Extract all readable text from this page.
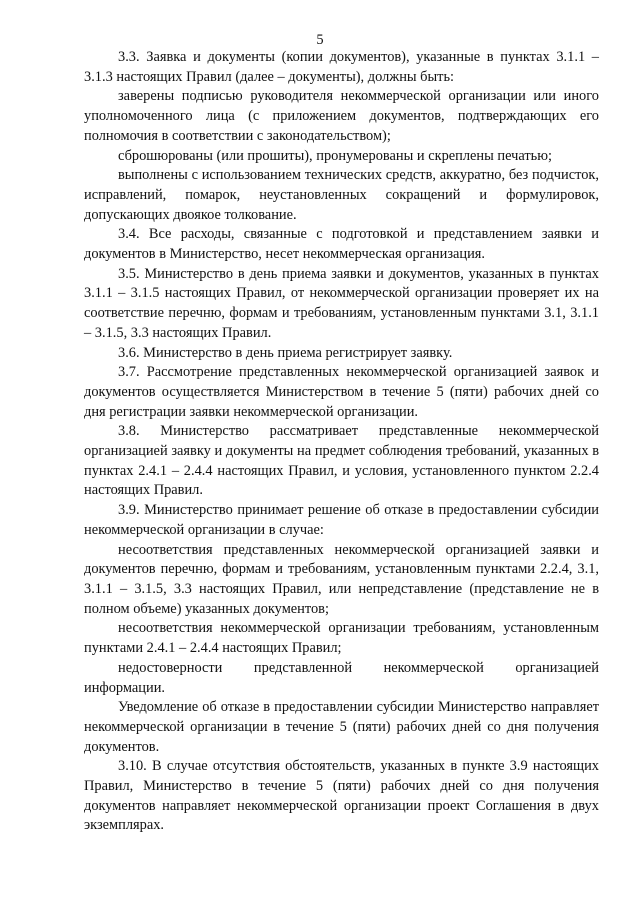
5

3.3. Заявка и документы (копии документов), указанные в пунктах 3.1.1 – 3.1.3 настоящих Правил (далее – документы), должны быть:

заверены подписью руководителя некоммерческой организации или иного уполномоченного лица (с приложением документов, подтверждающих его полномочия в соответствии с законодательством);

сброшюрованы (или прошиты), пронумерованы и скреплены печатью;

выполнены с использованием технических средств, аккуратно, без подчисток, исправлений, помарок, неустановленных сокращений и формулировок, допускающих двоякое толкование.

3.4. Все расходы, связанные с подготовкой и представлением заявки и документов в Министерство, несет некоммерческая организация.

3.5. Министерство в день приема заявки и документов, указанных в пунктах 3.1.1 – 3.1.5 настоящих Правил, от некоммерческой организации проверяет их на соответствие перечню, формам и требованиям, установленным пунктами 3.1, 3.1.1 – 3.1.5, 3.3 настоящих Правил.

3.6. Министерство в день приема регистрирует заявку.

3.7. Рассмотрение представленных некоммерческой организацией заявок и документов осуществляется Министерством в течение 5 (пяти) рабочих дней со дня регистрации заявки некоммерческой организации.

3.8. Министерство рассматривает представленные некоммерческой организацией заявку и документы на предмет соблюдения требований, указанных в пунктах 2.4.1 – 2.4.4 настоящих Правил, и условия, установленного пунктом 2.2.4 настоящих Правил.

3.9. Министерство принимает решение об отказе в предоставлении субсидии некоммерческой организации в случае:

несоответствия представленных некоммерческой организацией заявки и документов перечню, формам и требованиям, установленным пунктами 2.2.4, 3.1, 3.1.1 – 3.1.5, 3.3 настоящих Правил, или непредставление (представление не в полном объеме) указанных документов;

несоответствия некоммерческой организации требованиям, установленным пунктами 2.4.1 – 2.4.4 настоящих Правил;

недостоверности представленной некоммерческой организацией информации.

Уведомление об отказе в предоставлении субсидии Министерство направляет некоммерческой организации в течение 5 (пяти) рабочих дней со дня получения документов.

3.10. В случае отсутствия обстоятельств, указанных в пункте 3.9 настоящих Правил, Министерство в течение 5 (пяти) рабочих дней со дня получения документов направляет некоммерческой организации проект Соглашения в двух экземплярах.
